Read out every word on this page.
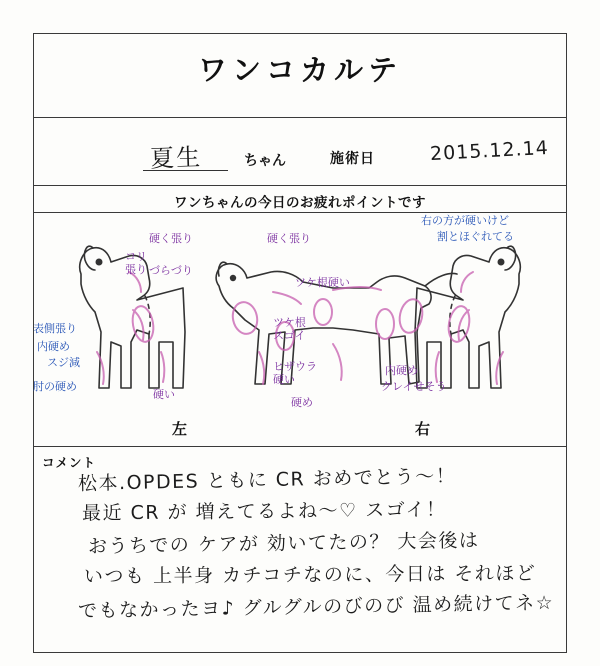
ワンコカルテ
夏生	ちゃん	施術日	2015.12.14
ワンちゃんの今日のお疲れポイントです
コリ
張り
硬く張り
づらづり
表側張り
内硬め
スジ減
肘の硬め
硬い
硬く張り
ツケ根硬い
ツケ根
スゴイ
ヒザウラ
硬い
硬め
内硬め
クレイせそう
右の方が硬いけど
割とほぐれてる
左	右
コメント
松本.OPDES ともに CR おめでとう〜！
最近 CR が 増えてるよね〜♡ スゴイ！
おうちでの ケアが 効いてたの？ 大会後は
いつも 上半身 カチコチなのに、今日は それほど
でもなかったヨ♪ グルグルのびのび 温め続けてネ☆
